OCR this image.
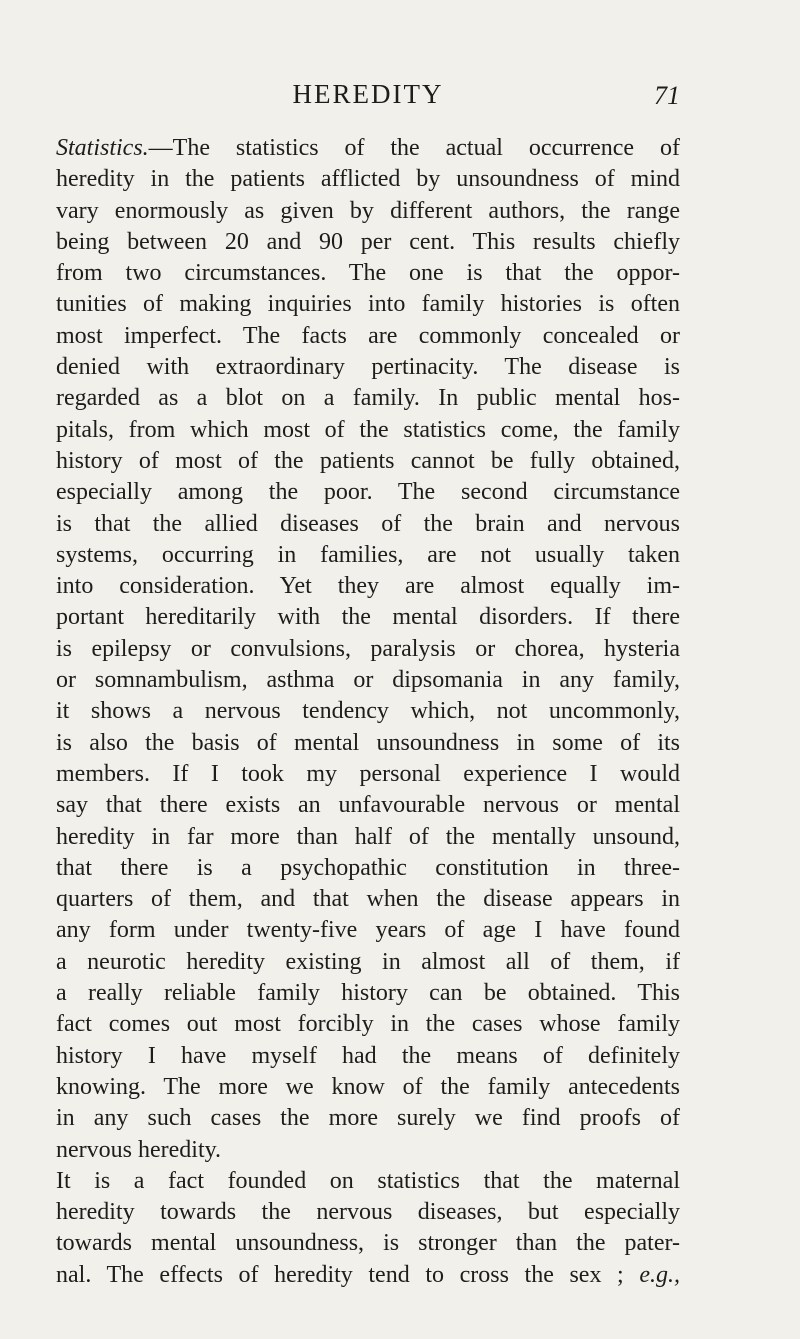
HEREDITY	71
Statistics.—The statistics of the actual occurrence of
heredity in the patients afflicted by unsoundness of mind
vary enormously as given by different authors, the range
being between 20 and 90 per cent. This results chiefly
from two circumstances. The one is that the oppor-
tunities of making inquiries into family histories is often
most imperfect. The facts are commonly concealed or
denied with extraordinary pertinacity. The disease is
regarded as a blot on a family. In public mental hos-
pitals, from which most of the statistics come, the family
history of most of the patients cannot be fully obtained,
especially among the poor. The second circumstance
is that the allied diseases of the brain and nervous
systems, occurring in families, are not usually taken
into consideration. Yet they are almost equally im-
portant hereditarily with the mental disorders. If there
is epilepsy or convulsions, paralysis or chorea, hysteria
or somnambulism, asthma or dipsomania in any family,
it shows a nervous tendency which, not uncommonly,
is also the basis of mental unsoundness in some of its
members. If I took my personal experience I would
say that there exists an unfavourable nervous or mental
heredity in far more than half of the mentally unsound,
that there is a psychopathic constitution in three-
quarters of them, and that when the disease appears in
any form under twenty-five years of age I have found
a neurotic heredity existing in almost all of them, if
a really reliable family history can be obtained. This
fact comes out most forcibly in the cases whose family
history I have myself had the means of definitely
knowing. The more we know of the family antecedents
in any such cases the more surely we find proofs of
nervous heredity.
It is a fact founded on statistics that the maternal
heredity towards the nervous diseases, but especially
towards mental unsoundness, is stronger than the pater-
nal. The effects of heredity tend to cross the sex ; e.g.,
